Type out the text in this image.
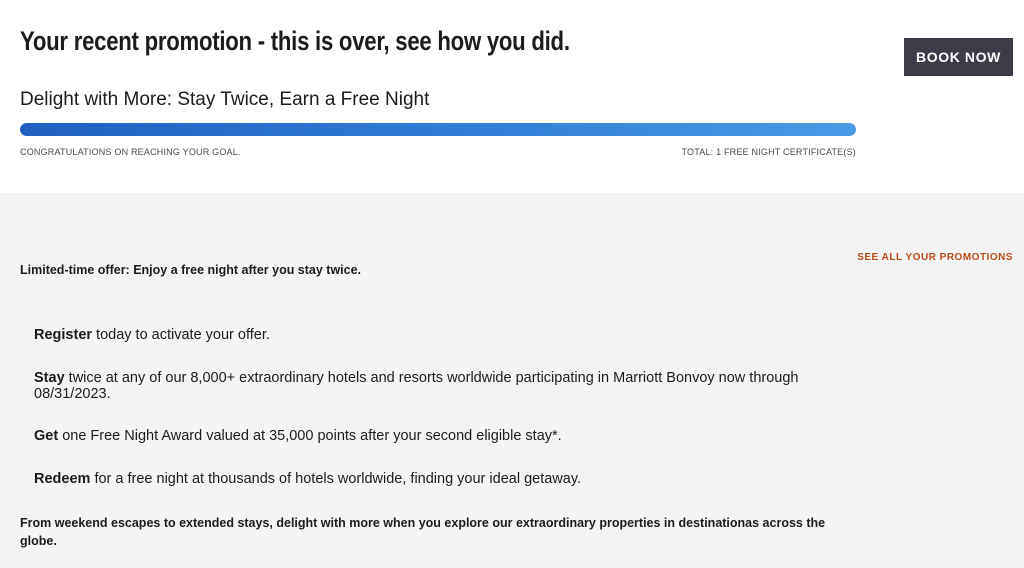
Your recent promotion - this is over, see how you did.
BOOK NOW
Delight with More: Stay Twice, Earn a Free Night
CONGRATULATIONS ON REACHING YOUR GOAL.	TOTAL: 1 FREE NIGHT CERTIFICATE(S)
SEE ALL YOUR PROMOTIONS
Limited-time offer: Enjoy a free night after you stay twice.
Register today to activate your offer.
Stay twice at any of our 8,000+ extraordinary hotels and resorts worldwide participating in Marriott Bonvoy now through 08/31/2023.
Get one Free Night Award valued at 35,000 points after your second eligible stay*.
Redeem for a free night at thousands of hotels worldwide, finding your ideal getaway.
From weekend escapes to extended stays, delight with more when you explore our extraordinary properties in destinationas across the globe.
